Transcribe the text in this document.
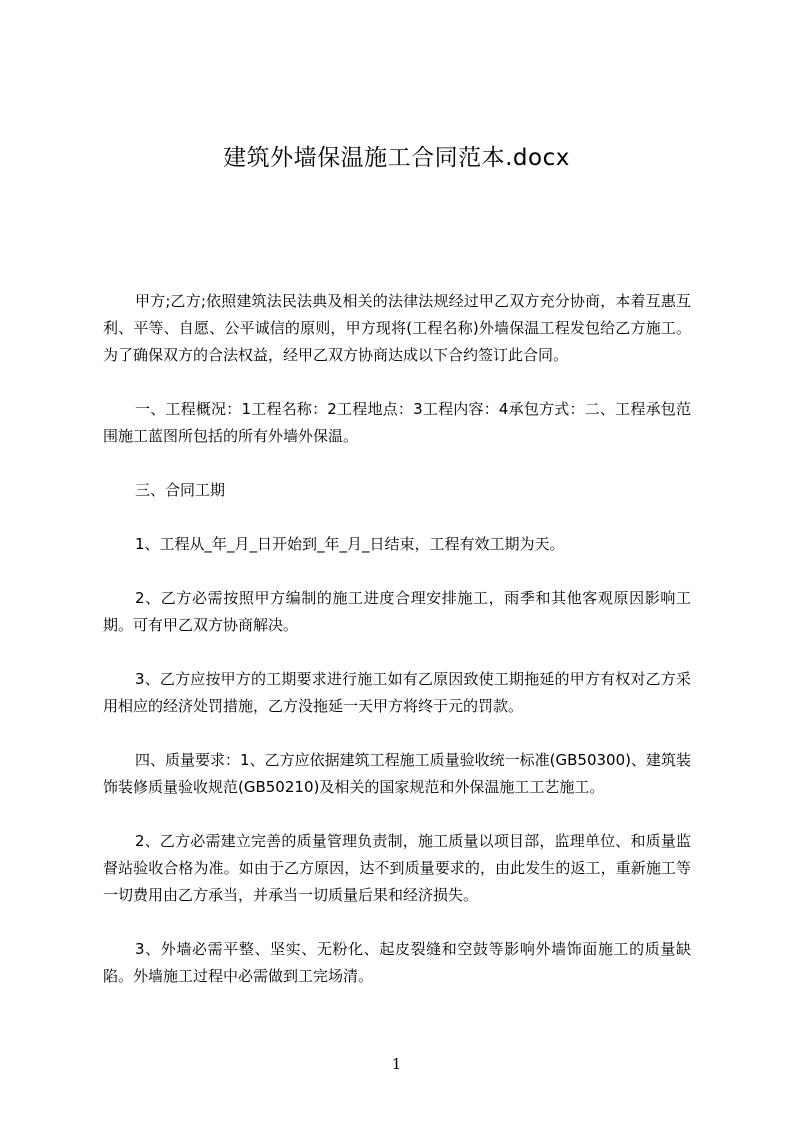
建筑外墙保温施工合同范本.docx

甲方;乙方;依照建筑法民法典及相关的法律法规经过甲乙双方充分协商，本着互惠互利、平等、自愿、公平诚信的原则，甲方现将(工程名称)外墙保温工程发包给乙方施工。为了确保双方的合法权益，经甲乙双方协商达成以下合约签订此合同。

一、工程概况：1工程名称：2工程地点：3工程内容：4承包方式：二、工程承包范围施工蓝图所包括的所有外墙外保温。

三、合同工期

1、工程从_年_月_日开始到_年_月_日结束，工程有效工期为天。

2、乙方必需按照甲方编制的施工进度合理安排施工，雨季和其他客观原因影响工期。可有甲乙双方协商解决。

3、乙方应按甲方的工期要求进行施工如有乙原因致使工期拖延的甲方有权对乙方采用相应的经济处罚措施，乙方没拖延一天甲方将终于元的罚款。

四、质量要求：1、乙方应依据建筑工程施工质量验收统一标准(GB50300)、建筑装饰装修质量验收规范(GB50210)及相关的国家规范和外保温施工工艺施工。

2、乙方必需建立完善的质量管理负责制，施工质量以项目部，监理单位、和质量监督站验收合格为准。如由于乙方原因，达不到质量要求的，由此发生的返工，重新施工等一切费用由乙方承当，并承当一切质量后果和经济损失。

3、外墙必需平整、坚实、无粉化、起皮裂缝和空鼓等影响外墙饰面施工的质量缺陷。外墙施工过程中必需做到工完场清。

1
